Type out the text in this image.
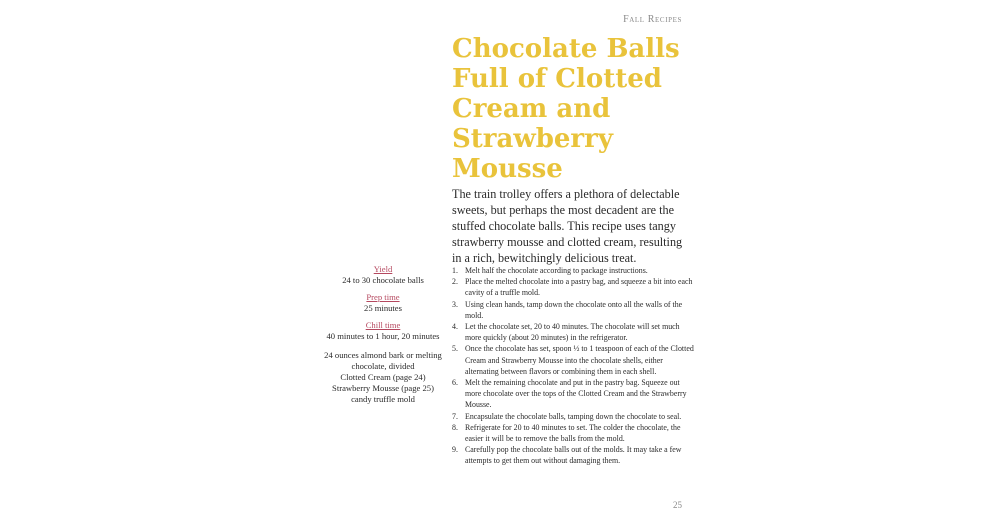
Fall Recipes
Chocolate Balls Full of Clotted Cream and Strawberry Mousse

The train trolley offers a plethora of delectable sweets, but perhaps the most decadent are the stuffed chocolate balls. This recipe uses tangy strawberry mousse and clotted cream, resulting in a rich, bewitchingly delicious treat.

Yield
24 to 30 chocolate balls
Prep time
25 minutes
Chill time
40 minutes to 1 hour, 20 minutes
24 ounces almond bark or melting chocolate, divided
Clotted Cream (page 24)
Strawberry Mousse (page 25)
candy truffle mold
1. Melt half the chocolate according to package instructions.
2. Place the melted chocolate into a pastry bag, and squeeze a bit into each cavity of a truffle mold.
3. Using clean hands, tamp down the chocolate onto all the walls of the mold.
4. Let the chocolate set, 20 to 40 minutes. The chocolate will set much more quickly (about 20 minutes) in the refrigerator.
5. Once the chocolate has set, spoon ½ to 1 teaspoon of each of the Clotted Cream and Strawberry Mousse into the chocolate shells, either alternating between flavors or combining them in each shell.
6. Melt the remaining chocolate and put in the pastry bag. Squeeze out more chocolate over the tops of the Clotted Cream and the Strawberry Mousse.
7. Encapsulate the chocolate balls, tamping down the chocolate to seal.
8. Refrigerate for 20 to 40 minutes to set. The colder the chocolate, the easier it will be to remove the balls from the mold.
9. Carefully pop the chocolate balls out of the molds. It may take a few attempts to get them out without damaging them.
25
